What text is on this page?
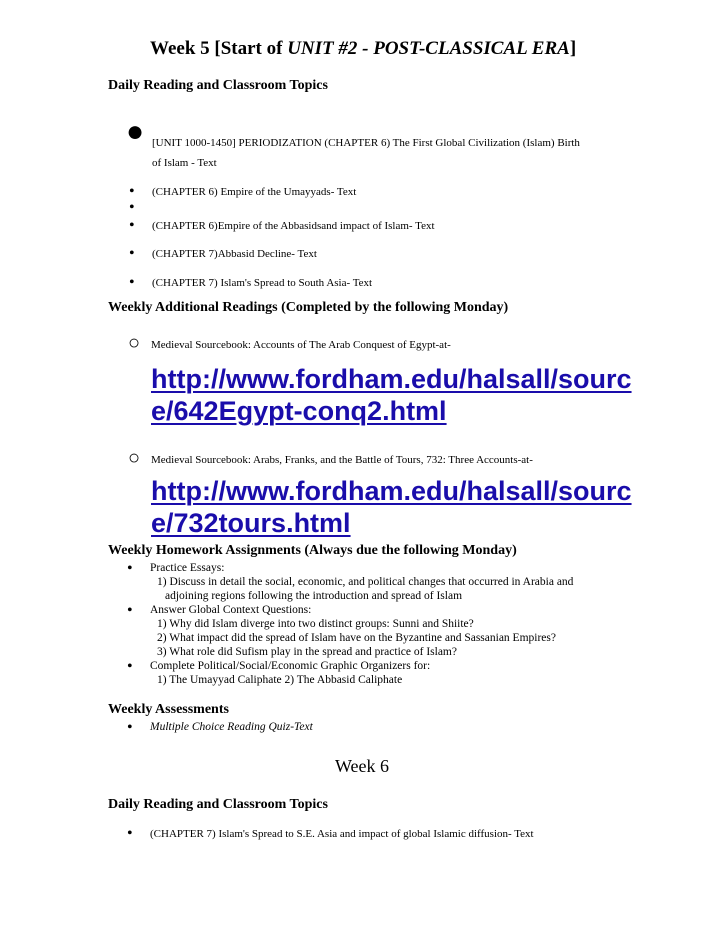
Week 5 [Start of UNIT #2 - POST-CLASSICAL ERA]
Daily Reading and Classroom Topics
● [UNIT 1000-1450] PERIODIZATION (CHAPTER 6) The First Global Civilization (Islam) Birth
of Islam - Text
• (CHAPTER 6) Empire of the Umayyads- Text
•
• (CHAPTER 6)Empire of the Abbasidsand impact of Islam- Text
• (CHAPTER 7)Abbasid Decline- Text
• (CHAPTER 7) Islam's Spread to South Asia- Text
Weekly Additional Readings (Completed by the following Monday)
○ Medieval Sourcebook: Accounts of The Arab Conquest of Egypt-at-
http://www.fordham.edu/halsall/sourc
e/642Egypt-conq2.html
○ Medieval Sourcebook: Arabs, Franks, and the Battle of Tours, 732: Three Accounts-at-
http://www.fordham.edu/halsall/sourc
e/732tours.html
Weekly Homework Assignments (Always due the following Monday)
• Practice Essays:
1) Discuss in detail the social, economic, and political changes that occurred in Arabia and
adjoining regions following the introduction and spread of Islam
• Answer Global Context Questions:
1) Why did Islam diverge into two distinct groups: Sunni and Shiite?
2) What impact did the spread of Islam have on the Byzantine and Sassanian Empires?
3) What role did Sufism play in the spread and practice of Islam?
• Complete Political/Social/Economic Graphic Organizers for:
1) The Umayyad Caliphate 2) The Abbasid Caliphate
Weekly Assessments
• Multiple Choice Reading Quiz-Text
Week 6
Daily Reading and Classroom Topics
• (CHAPTER 7) Islam's Spread to S.E. Asia and impact of global Islamic diffusion- Text
